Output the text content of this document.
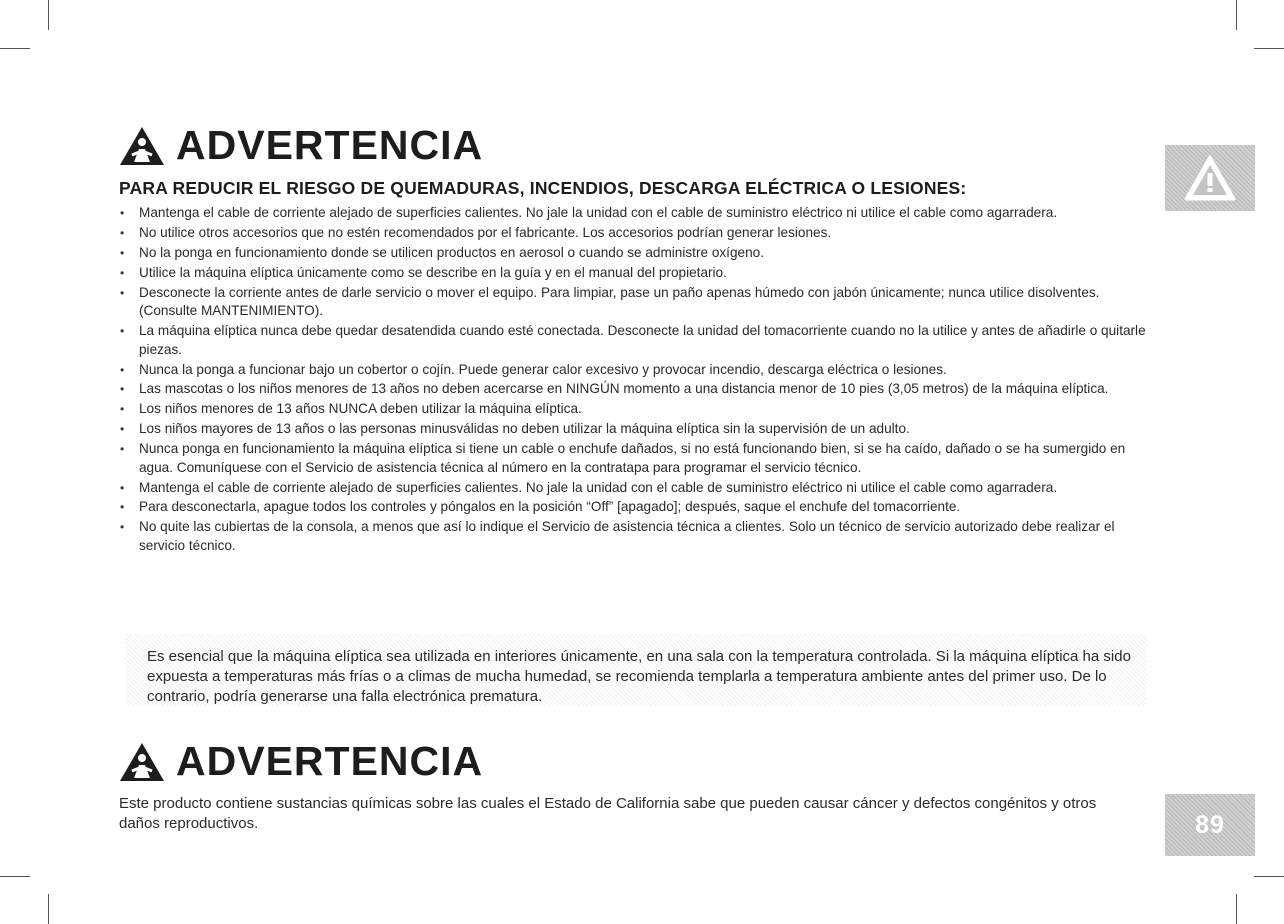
ADVERTENCIA
PARA REDUCIR EL RIESGO DE QUEMADURAS, INCENDIOS, DESCARGA ELÉCTRICA O LESIONES:
• Mantenga el cable de corriente alejado de superficies calientes. No jale la unidad con el cable de suministro eléctrico ni utilice el cable como agarradera.
• No utilice otros accesorios que no estén recomendados por el fabricante. Los accesorios podrían generar lesiones.
• No la ponga en funcionamiento donde se utilicen productos en aerosol o cuando se administre oxígeno.
• Utilice la máquina elíptica únicamente como se describe en la guía y en el manual del propietario.
• Desconecte la corriente antes de darle servicio o mover el equipo. Para limpiar, pase un paño apenas húmedo con jabón únicamente; nunca utilice disolventes. (Consulte MANTENIMIENTO).
• La máquina elíptica nunca debe quedar desatendida cuando esté conectada. Desconecte la unidad del tomacorriente cuando no la utilice y antes de añadirle o quitarle piezas.
• Nunca la ponga a funcionar bajo un cobertor o cojín. Puede generar calor excesivo y provocar incendio, descarga eléctrica o lesiones.
• Las mascotas o los niños menores de 13 años no deben acercarse en NINGÚN momento a una distancia menor de 10 pies (3,05 metros) de la máquina elíptica.
• Los niños menores de 13 años NUNCA deben utilizar la máquina elíptica.
• Los niños mayores de 13 años o las personas minusválidas no deben utilizar la máquina elíptica sin la supervisión de un adulto.
• Nunca ponga en funcionamiento la máquina elíptica si tiene un cable o enchufe dañados, si no está funcionando bien, si se ha caído, dañado o se ha sumergido en agua. Comuníquese con el Servicio de asistencia técnica al número en la contratapa para programar el servicio técnico.
• Mantenga el cable de corriente alejado de superficies calientes. No jale la unidad con el cable de suministro eléctrico ni utilice el cable como agarradera.
• Para desconectarla, apague todos los controles y póngalos en la posición “Off” [apagado]; después, saque el enchufe del tomacorriente.
• No quite las cubiertas de la consola, a menos que así lo indique el Servicio de asistencia técnica a clientes. Solo un técnico de servicio autorizado debe realizar el servicio técnico.

Es esencial que la máquina elíptica sea utilizada en interiores únicamente, en una sala con la temperatura controlada. Si la máquina elíptica ha sido expuesta a temperaturas más frías o a climas de mucha humedad, se recomienda templarla a temperatura ambiente antes del primer uso. De lo contrario, podría generarse una falla electrónica prematura.

ADVERTENCIA

Este producto contiene sustancias químicas sobre las cuales el Estado de California sabe que pueden causar cáncer y defectos congénitos y otros daños reproductivos.	89
